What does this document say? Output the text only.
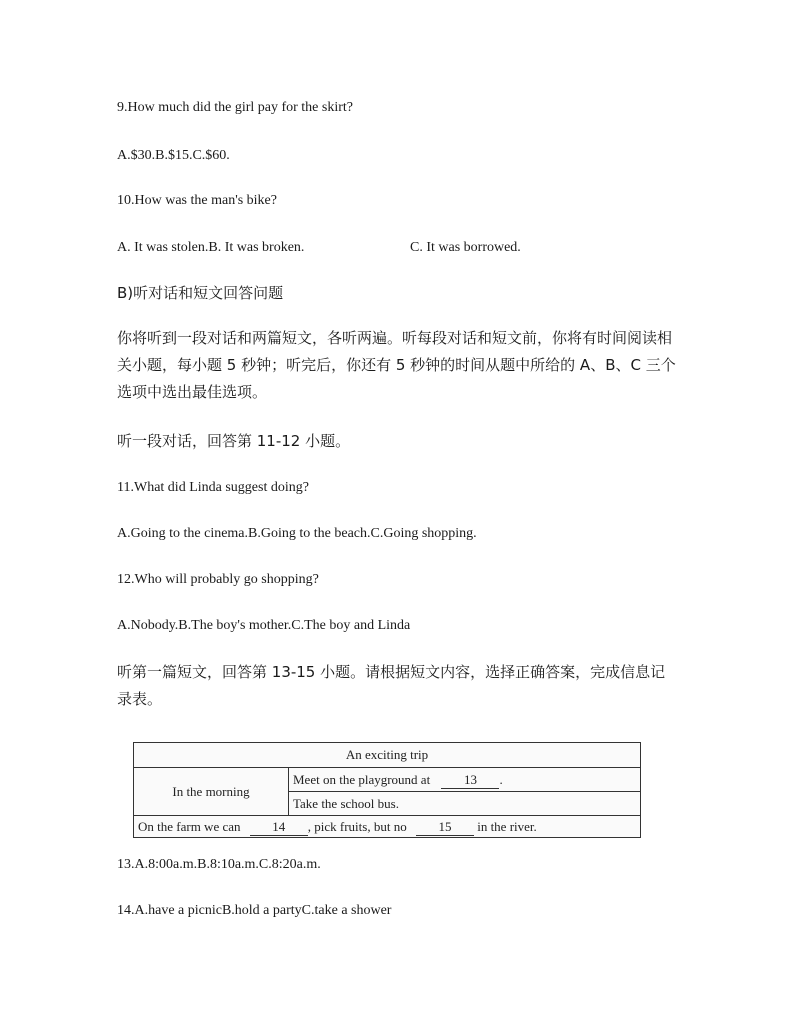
9.How much did the girl pay for the skirt?
A.$30.B.$15.C.$60.
10.How was the man's bike?
A. It was stolen.B. It was broken.	C. It was borrowed.
B)听对话和短文回答问题
你将听到一段对话和两篇短文，各听两遍。听每段对话和短文前，你将有时间阅读相关小题，每小题 5 秒钟；听完后，你还有 5 秒钟的时间从题中所给的 A、B、C 三个选项中选出最佳选项。
听一段对话，回答第 11-12 小题。
11.What did Linda suggest doing?
A.Going to the cinema.B.Going to the beach.C.Going shopping.
12.Who will probably go shopping?
A.Nobody.B.The boy's mother.C.The boy and Linda
听第一篇短文，回答第 13-15 小题。请根据短文内容，选择正确答案，完成信息记录表。
An exciting trip
In the morning
Meet on the playground at	13 .
Take the school bus.
On the farm we can 14 , pick fruits, but no 15 in the river.
13.A.8:00a.m.B.8:10a.m.C.8:20a.m.
14.A.have a picnicB.hold a partyC.take a shower
